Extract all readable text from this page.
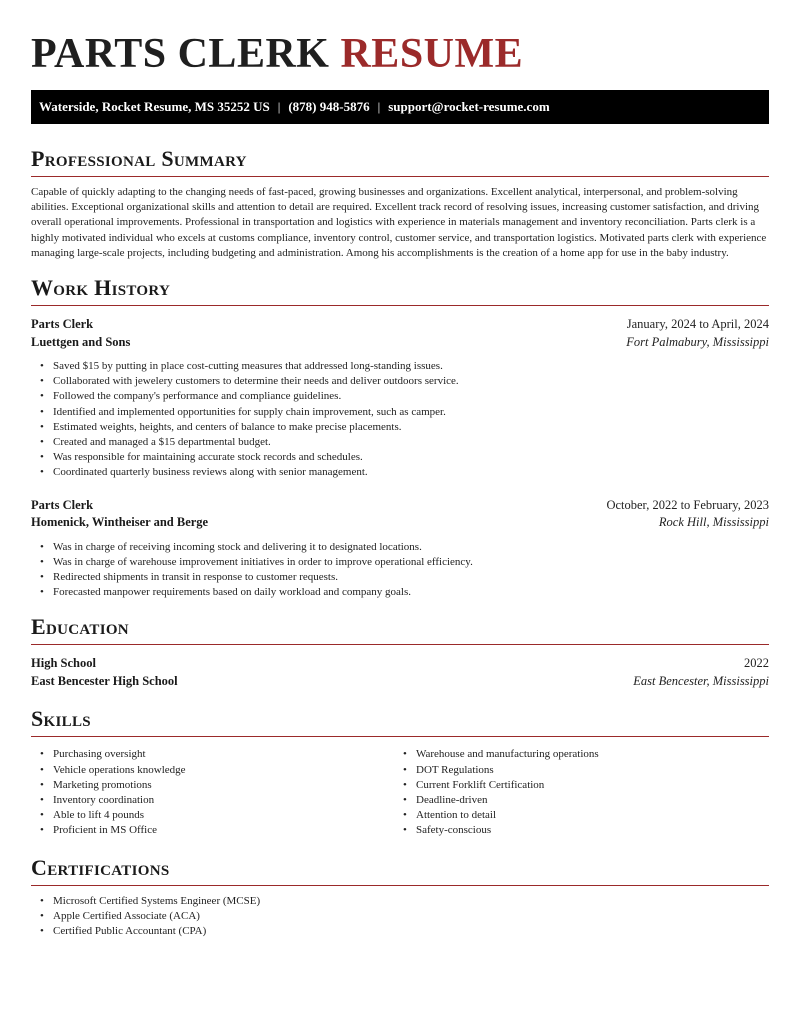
PARTS CLERK RESUME
Waterside, Rocket Resume, MS 35252 US | (878) 948-5876 | support@rocket-resume.com
Professional Summary

Capable of quickly adapting to the changing needs of fast-paced, growing businesses and organizations. Excellent analytical, interpersonal, and problem-solving abilities. Exceptional organizational skills and attention to detail are required. Excellent track record of resolving issues, increasing customer satisfaction, and driving overall operational improvements. Professional in transportation and logistics with experience in materials management and inventory reconciliation. Parts clerk is a highly motivated individual who excels at customs compliance, inventory control, customer service, and transportation logistics. Motivated parts clerk with experience managing large-scale projects, including budgeting and administration. Among his accomplishments is the creation of a home app for use in the baby industry.

Work History
Parts Clerk	January, 2024 to April, 2024
Luettgen and Sons	Fort Palmabury, Mississippi
• Saved $15 by putting in place cost-cutting measures that addressed long-standing issues.
• Collaborated with jewelery customers to determine their needs and deliver outdoors service.
• Followed the company's performance and compliance guidelines.
• Identified and implemented opportunities for supply chain improvement, such as camper.
• Estimated weights, heights, and centers of balance to make precise placements.
• Created and managed a $15 departmental budget.
• Was responsible for maintaining accurate stock records and schedules.
• Coordinated quarterly business reviews along with senior management.
Parts Clerk	October, 2022 to February, 2023
Homenick, Wintheiser and Berge	Rock Hill, Mississippi
• Was in charge of receiving incoming stock and delivering it to designated locations.
• Was in charge of warehouse improvement initiatives in order to improve operational efficiency.
• Redirected shipments in transit in response to customer requests.
• Forecasted manpower requirements based on daily workload and company goals.
Education
High School	2022
East Bencester High School	East Bencester, Mississippi
Skills
• Purchasing oversight
• Vehicle operations knowledge
• Marketing promotions
• Inventory coordination
• Able to lift 4 pounds
• Proficient in MS Office
• Warehouse and manufacturing operations
• DOT Regulations
• Current Forklift Certification
• Deadline-driven
• Attention to detail
• Safety-conscious
Certifications
• Microsoft Certified Systems Engineer (MCSE)
• Apple Certified Associate (ACA)
• Certified Public Accountant (CPA)
